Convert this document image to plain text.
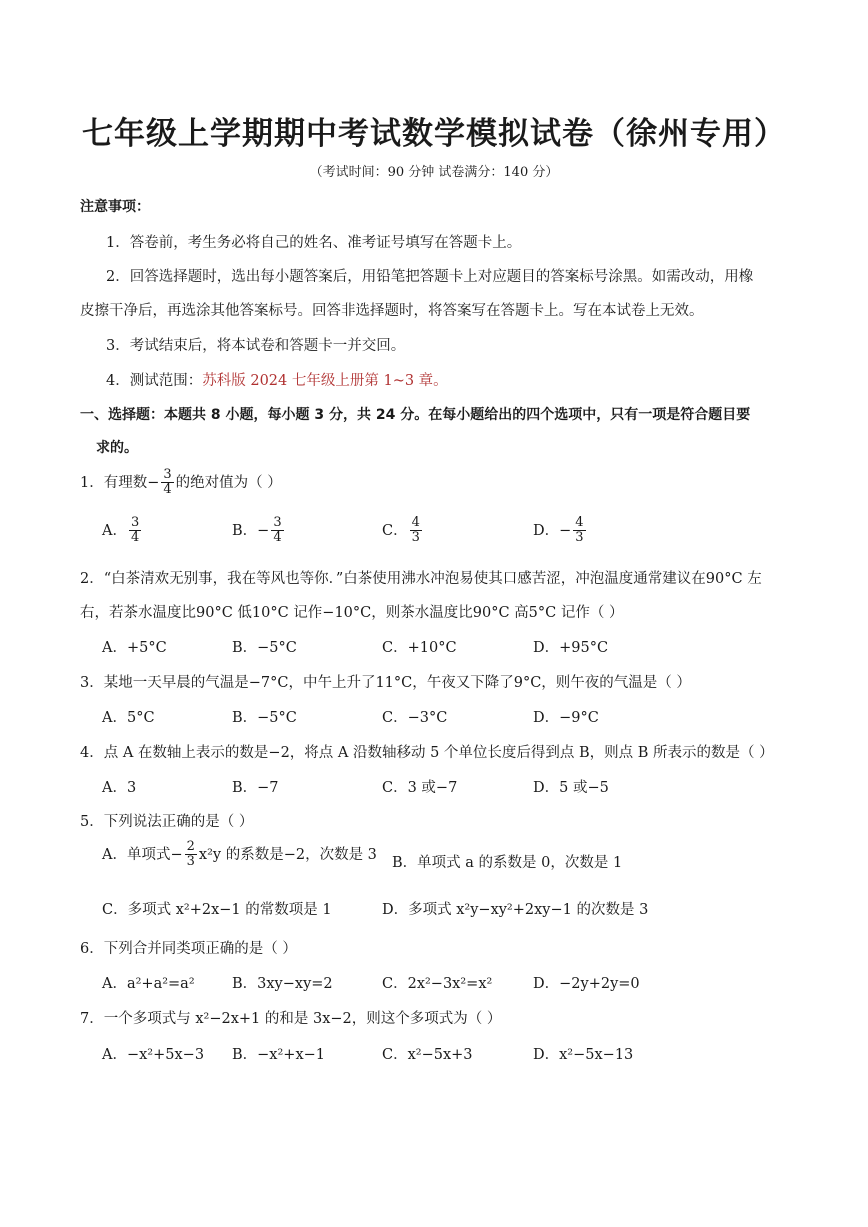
七年级上学期期中考试数学模拟试卷（徐州专用）
（考试时间：90 分钟 试卷满分：140 分）
注意事项：
1．答卷前，考生务必将自己的姓名、准考证号填写在答题卡上。
2．回答选择题时，选出每小题答案后，用铅笔把答题卡上对应题目的答案标号涂黑。如需改动，用橡
皮擦干净后，再选涂其他答案标号。回答非选择题时，将答案写在答题卡上。写在本试卷上无效。
3．考试结束后，将本试卷和答题卡一并交回。
4．测试范围：苏科版 2024 七年级上册第 1~3 章。
一、选择题：本题共 8 小题，每小题 3 分，共 24 分。在每小题给出的四个选项中，只有一项是符合题目要
求的。
1．有理数− $\frac{3}{4}$ 的绝对值为（ ）
A． $\frac{3}{4}$	B．− $\frac{3}{4}$	C． $\frac{4}{3}$	D．− $\frac{4}{3}$
2．“白茶清欢无别事，我在等风也等你．”白茶使用沸水冲泡易使其口感苦涩，冲泡温度通常建议在90°C 左
右，若茶水温度比90°C 低10°C 记作−10°C，则茶水温度比90°C 高5°C 记作（ ）
A．+5°C	B．−5°C	C．+10°C	D．+95°C
3．某地一天早晨的气温是−7°C，中午上升了11°C，午夜又下降了9°C，则午夜的气温是（ ）
A．5°C	B．−5°C	C．−3°C	D．−9°C
4．点 A 在数轴上表示的数是−2，将点 A 沿数轴移动 5 个单位长度后得到点 B，则点 B 所表示的数是（ ）
A．3	B．−7	C．3 或−7	D．5 或−5
5．下列说法正确的是（ ）
A．单项式− $\frac{2}{3} x^2y$ 的系数是−2，次数是 3
B．单项式 a 的系数是 0，次数是 1
C．多项式 x²+2x−1 的常数项是 1	D．多项式 x²y−xy²+2xy−1 的次数是 3
6．下列合并同类项正确的是（ ）
A．a²+a²=a²	B．3xy−xy=2	C．2x²−3x²=x²	D．−2y+2y=0
7．一个多项式与 x²−2x+1 的和是 3x−2，则这个多项式为（ ）
A．−x²+5x−3 B．−x²+x−1	C．x²−5x+3	D．x²−5x−13
